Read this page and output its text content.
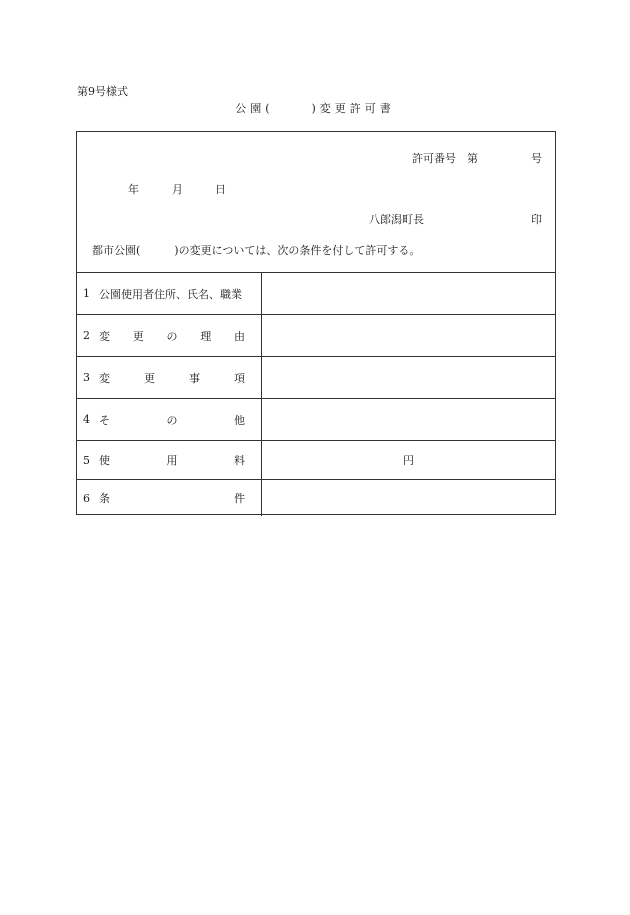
第9号様式
公園(	)変更許可書
許可番号 第	号
年	月	日
八郎潟町長	印
都市公園(	)の変更については、次の条件を付して許可する。
1 公園使用者住所、氏名、職業
2 変 更 の 理 由
3 変	更	事	項
4 そ	の	他
5 使	用	料	円
6 条	件
